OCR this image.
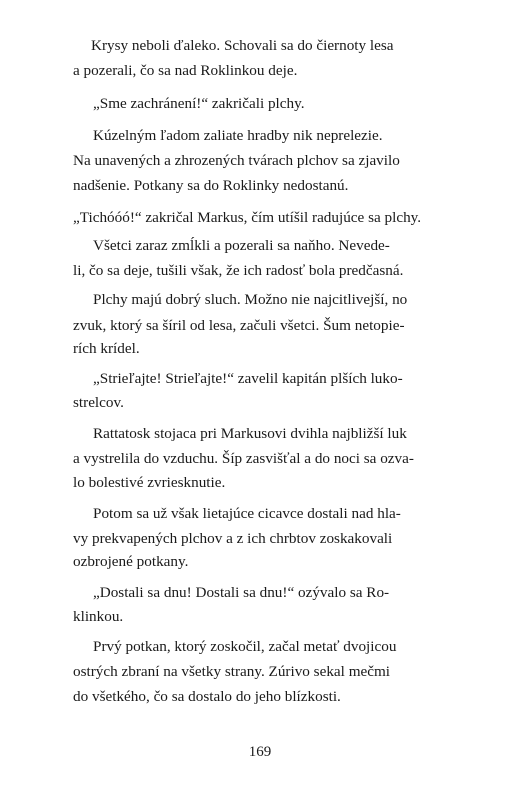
Krysy neboli ďaleko. Schovali sa do čiernoty lesa

a pozerali, čo sa nad Roklinkou deje.

„Sme zachránení!“ zakričali plchy.

Kúzelným ľadom zaliate hradby nik neprelezie.

Na unavených a zhrozených tvárach plchov sa zjavilo

nadšenie. Potkany sa do Roklinky nedostanú.

„Tichóóó!“ zakričal Markus, čím utíšil radujúce sa plchy.

Všetci zaraz zmĺkli a pozerali sa naňho. Nevede-

li, čo sa deje, tušili však, že ich radosť bola predčasná.

Plchy majú dobrý sluch. Možno nie najcitlivejší, no

zvuk, ktorý sa šíril od lesa, začuli všetci. Šum netopie-

rích krídel.

„Strieľajte! Strieľajte!“ zavelil kapitán plších luko-

strelcov.

Rattatosk stojaca pri Markusovi dvihla najbližší luk

a vystrelila do vzduchu. Šíp zasvišťal a do noci sa ozva-

lo bolestivé zvriesknutie.

Potom sa už však lietajúce cicavce dostali nad hla-

vy prekvapených plchov a z ich chrbtov zoskakovali

ozbrojené potkany.

„Dostali sa dnu! Dostali sa dnu!“ ozývalo sa Ro-

klinkou.

Prvý potkan, ktorý zoskočil, začal metať dvojicou

ostrých zbraní na všetky strany. Zúrivo sekal mečmi

do všetkého, čo sa dostalo do jeho blízkosti.

169
